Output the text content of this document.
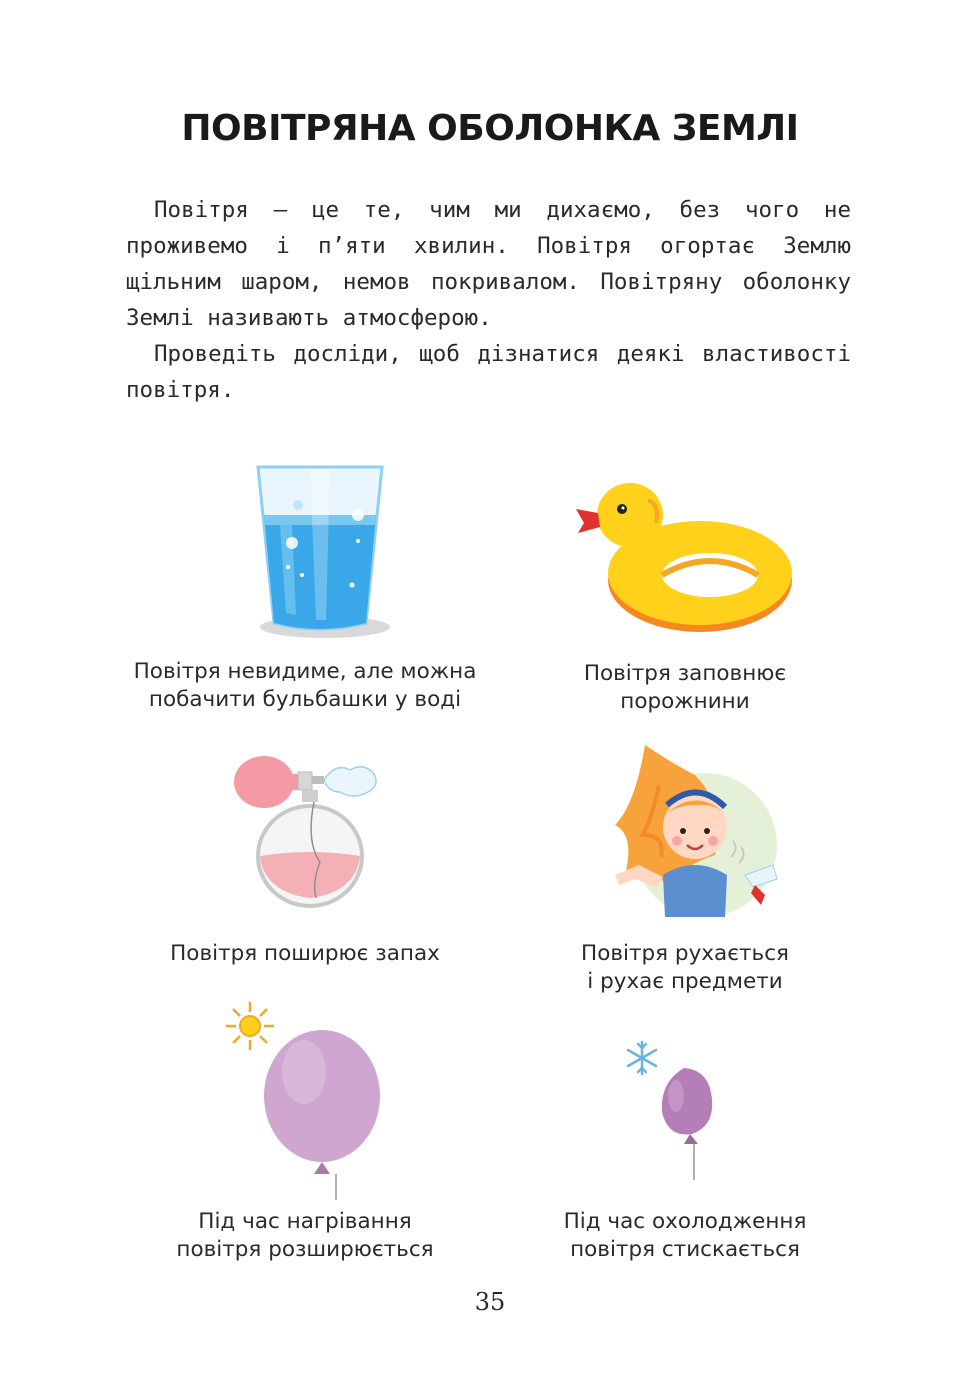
ПОВІТРЯНА ОБОЛОНКА ЗЕМЛІ

Повітря — це те, чим ми дихаємо, без чого не проживемо і п’яти хвилин. Повітря огортає Землю щільним шаром, немов покривалом. Повітряну оболонку Землі називають атмосферою.

Проведіть досліди, щоб дізнатися деякі властивості повітря.

Повітря невидиме, але можна
побачити бульбашки у воді
Повітря заповнює
порожнини
Повітря поширює запах	Повітря рухається
і рухає предмети
Під час нагрівання
повітря розширюється
Під час охолодження
повітря стискається
35
